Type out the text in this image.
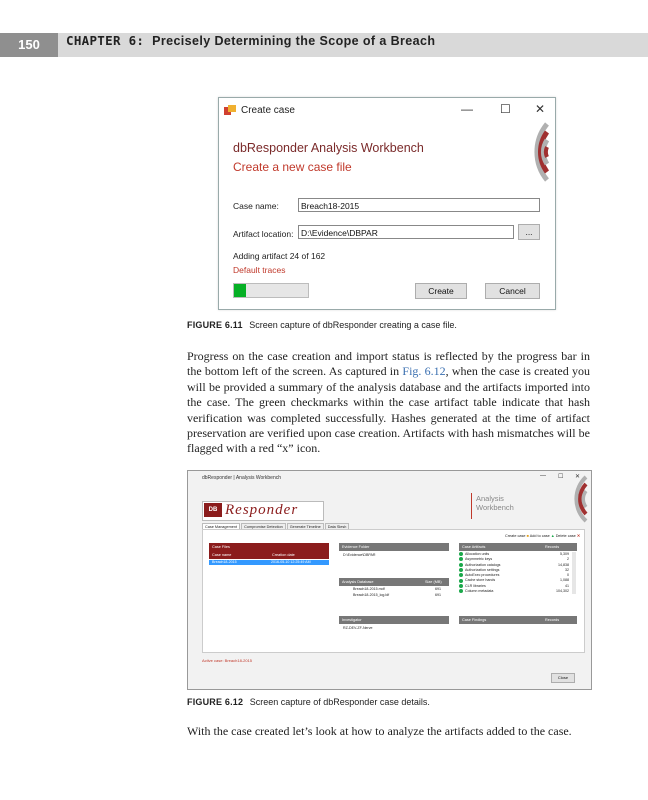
150	CHAPTER 6: Precisely Determining the Scope of a Breach
Create case	— ☐ ✕
dbResponder Analysis Workbench
Create a new case file
Case name:	Breach18-2015
Artifact location: D:\Evidence\DBPAR	...
Adding artifact 24 of 162
Default traces
Create	Cancel
FIGURE 6.11 Screen capture of dbResponder creating a case file.
Progress on the case creation and import status is reflected by the progress bar in the bottom left of the screen. As captured in Fig. 6.12, when the case is created you will be provided a summary of the analysis database and the artifacts imported into the case. The green checkmarks within the case artifact table indicate that hash verification was completed successfully. Hashes generated at the time of artifact preservation are verified upon case creation. Artifacts with hash mismatches will be flagged with a red “x” icon.
dbResponder | Analysis Workbench	— ☐ ✕
DB Responder
Analysis
Workbench
Case Management Compromise Detection Generate Timeline Data Slesh
Create case ■ Add to case ▲ Delete case ✕
Case Files
Case name	Creation date
Breach18-2015	2016-05-10 12:25:49 AM
Evidence Folder
D:\Evidence\DBPAR
Analysis Database	Size (MB)
Breach18-2015.mdf	691
Breach18-2015_log.ldf	691
Investigator
RZ-DEV-ZF-Nerve
Case Artifacts	Records
Allocation units	5,309
Asymmetric keys	2
Authorization catalogs	14,838
Authorization settings	32
AutoExec procedures	0
Cache store hands	1,088
CLR libraries	41
Column metadata	104,302
Case Findings	Records
Active case: Breach18-2015
Close
FIGURE 6.12 Screen capture of dbResponder case details.
With the case created let’s look at how to analyze the artifacts added to the case.
